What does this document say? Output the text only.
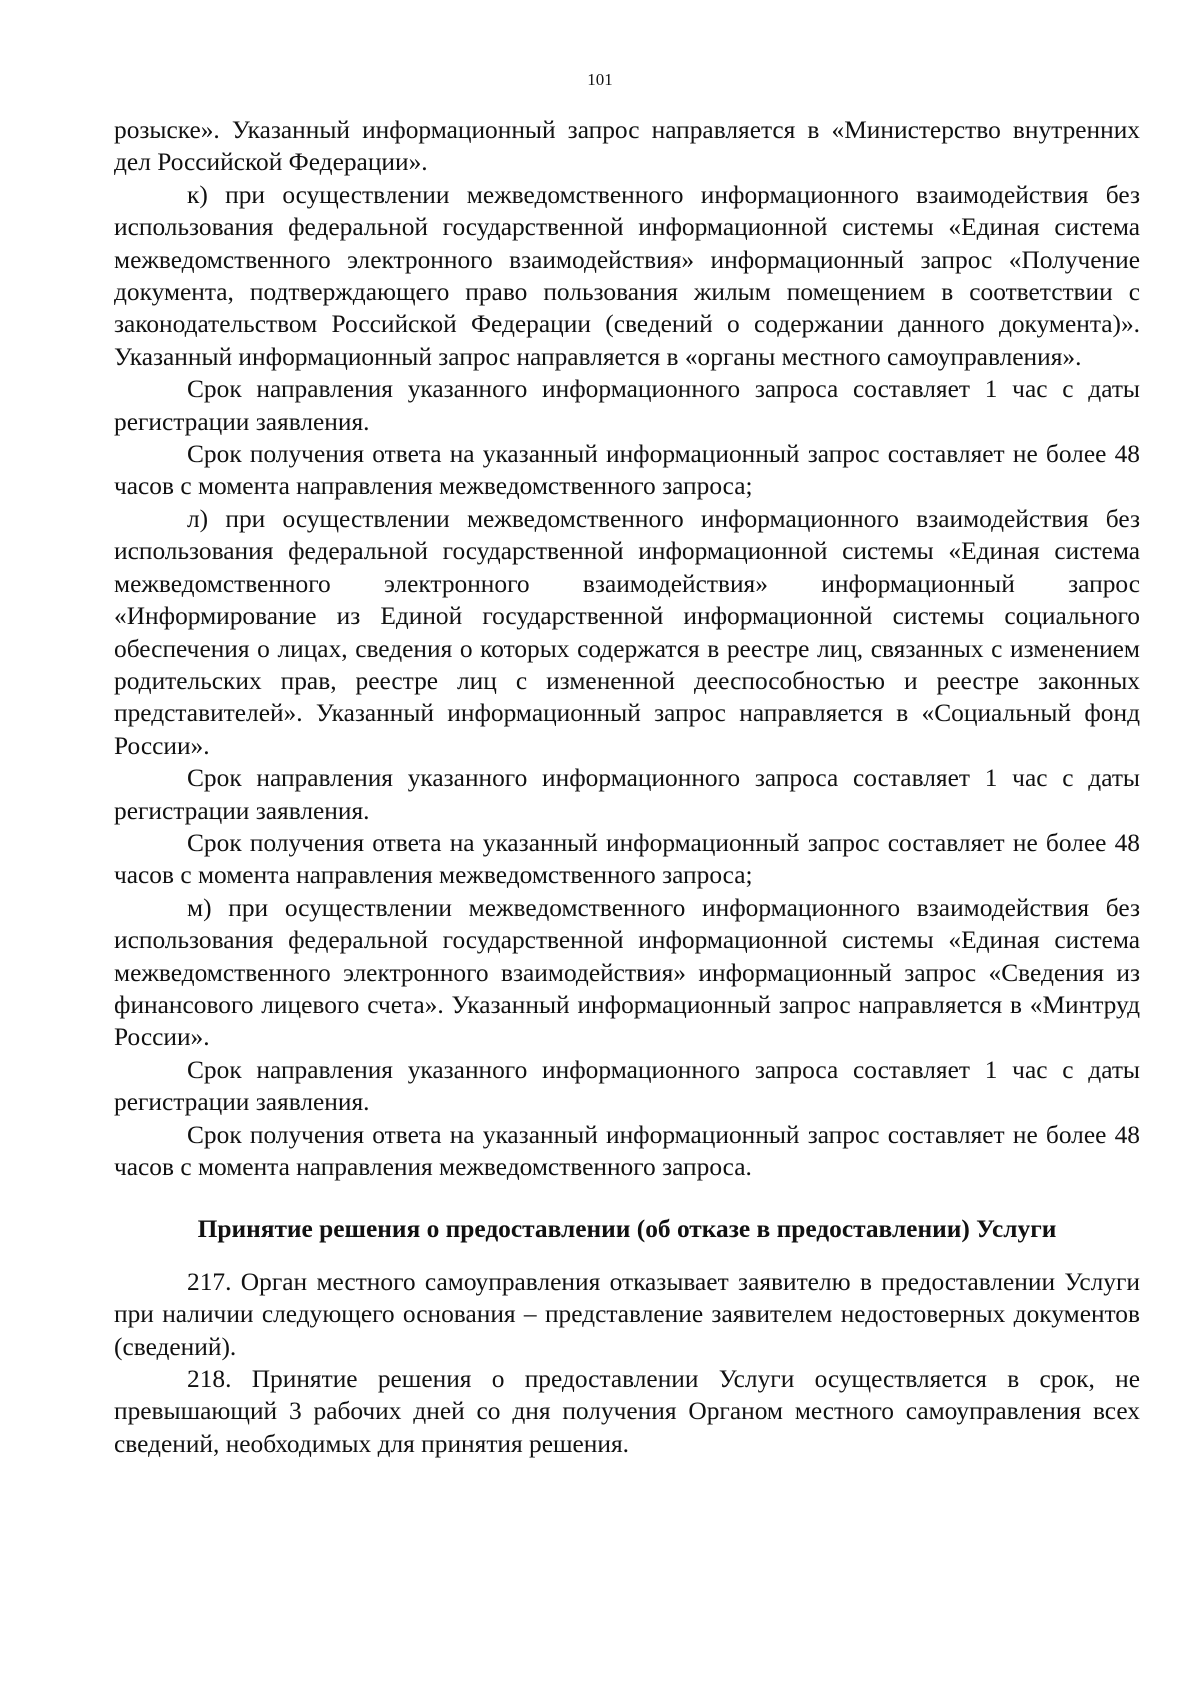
101

розыске». Указанный информационный запрос направляется в «Министерство внутренних дел Российской Федерации».

к) при осуществлении межведомственного информационного взаимодействия без использования федеральной государственной информационной системы «Единая система межведомственного электронного взаимодействия» информационный запрос «Получение документа, подтверждающего право пользования жилым помещением в соответствии с законодательством Российской Федерации (сведений о содержании данного документа)». Указанный информационный запрос направляется в «органы местного самоуправления».

Срок направления указанного информационного запроса составляет 1 час с даты регистрации заявления.

Срок получения ответа на указанный информационный запрос составляет не более 48 часов с момента направления межведомственного запроса;

л) при осуществлении межведомственного информационного взаимодействия без использования федеральной государственной информационной системы «Единая система межведомственного электронного взаимодействия» информационный запрос «Информирование из Единой государственной информационной системы социального обеспечения о лицах, сведения о которых содержатся в реестре лиц, связанных с изменением родительских прав, реестре лиц с измененной дееспособностью и реестре законных представителей». Указанный информационный запрос направляется в «Социальный фонд России».

Срок направления указанного информационного запроса составляет 1 час с даты регистрации заявления.

Срок получения ответа на указанный информационный запрос составляет не более 48 часов с момента направления межведомственного запроса;

м) при осуществлении межведомственного информационного взаимодействия без использования федеральной государственной информационной системы «Единая система межведомственного электронного взаимодействия» информационный запрос «Сведения из финансового лицевого счета». Указанный информационный запрос направляется в «Минтруд России».

Срок направления указанного информационного запроса составляет 1 час с даты регистрации заявления.

Срок получения ответа на указанный информационный запрос составляет не более 48 часов с момента направления межведомственного запроса.

Принятие решения о предоставлении (об отказе в предоставлении) Услуги

217. Орган местного самоуправления отказывает заявителю в предоставлении Услуги при наличии следующего основания – представление заявителем недостоверных документов (сведений).

218. Принятие решения о предоставлении Услуги осуществляется в срок, не превышающий 3 рабочих дней со дня получения Органом местного самоуправления всех сведений, необходимых для принятия решения.
